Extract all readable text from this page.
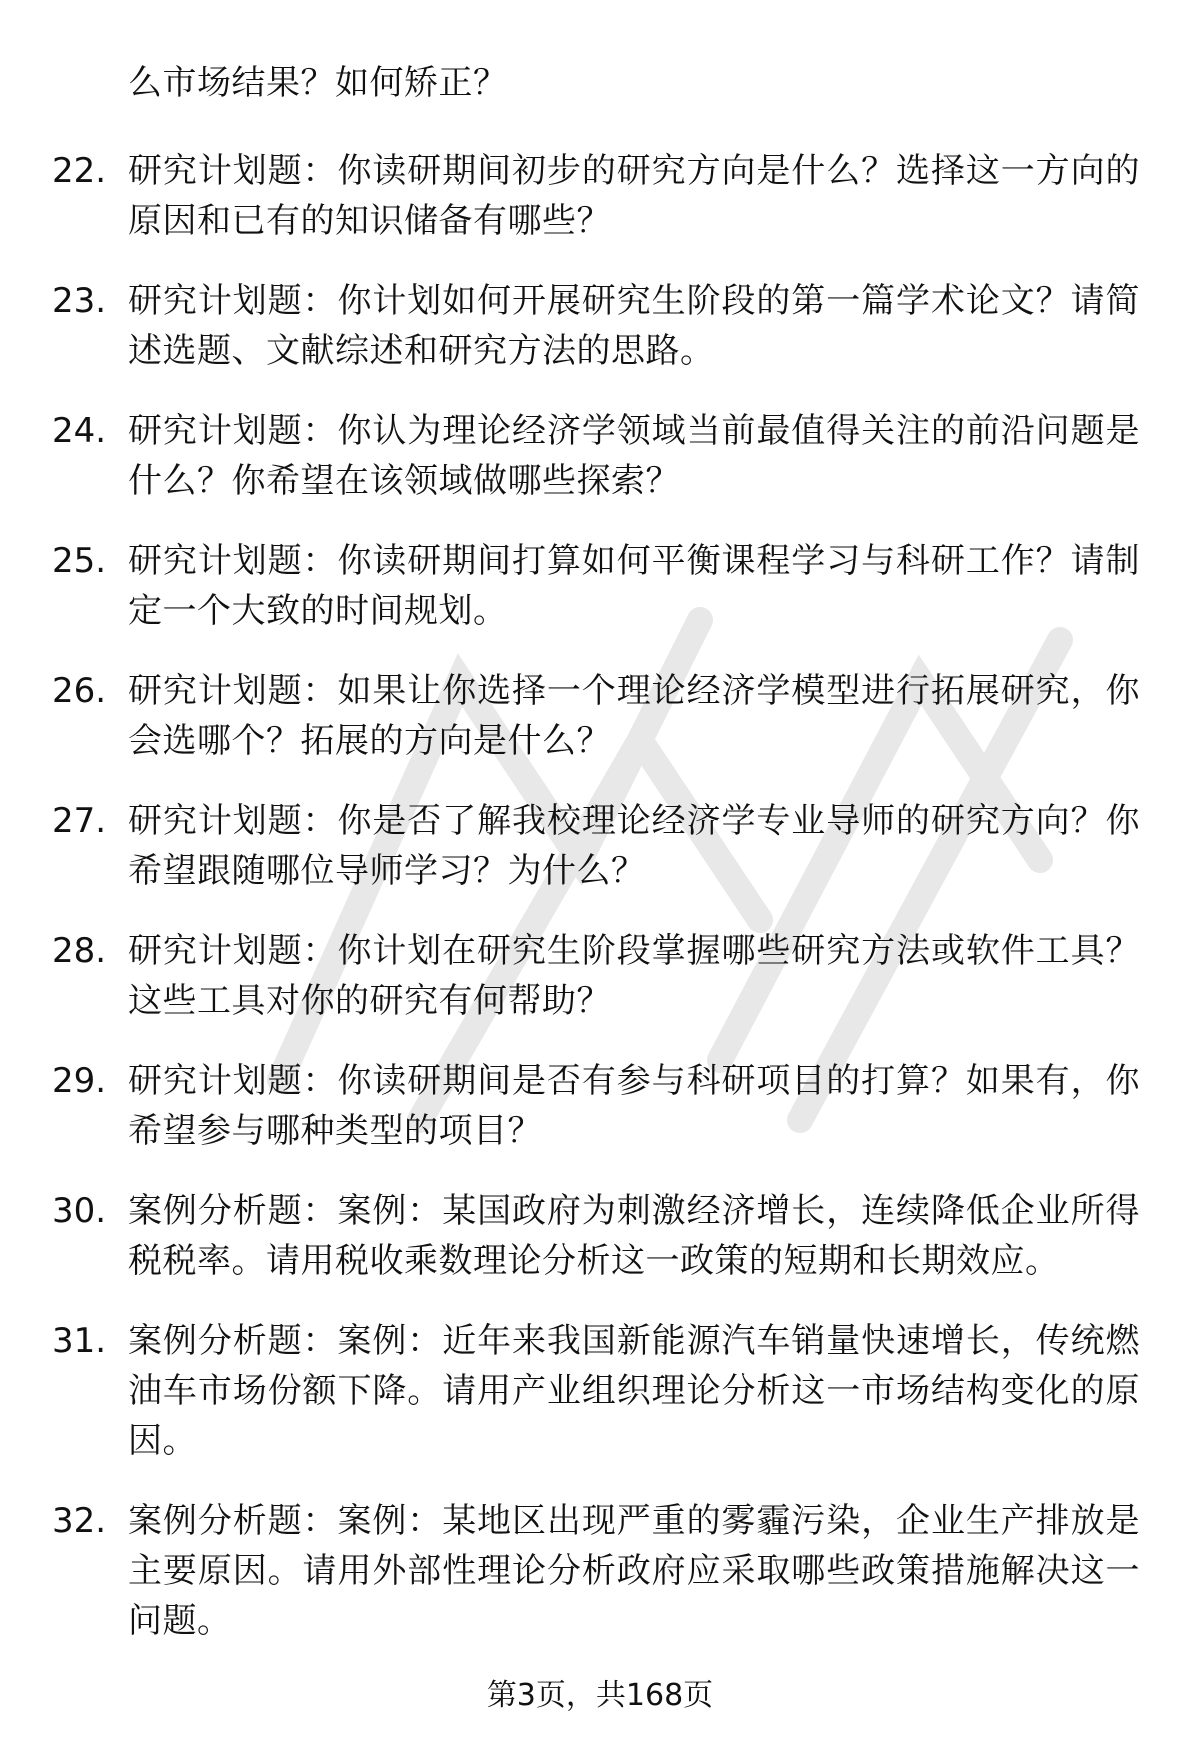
么市场结果？如何矫正？
22. 研究计划题：你读研期间初步的研究方向是什么？选择这一方向的原因和已有的知识储备有哪些？
23. 研究计划题：你计划如何开展研究生阶段的第一篇学术论文？请简述选题、文献综述和研究方法的思路。
24. 研究计划题：你认为理论经济学领域当前最值得关注的前沿问题是什么？你希望在该领域做哪些探索？
25. 研究计划题：你读研期间打算如何平衡课程学习与科研工作？请制定一个大致的时间规划。
26. 研究计划题：如果让你选择一个理论经济学模型进行拓展研究，你会选哪个？拓展的方向是什么？
27. 研究计划题：你是否了解我校理论经济学专业导师的研究方向？你希望跟随哪位导师学习？为什么？
28. 研究计划题：你计划在研究生阶段掌握哪些研究方法或软件工具？这些工具对你的研究有何帮助？
29. 研究计划题：你读研期间是否有参与科研项目的打算？如果有，你希望参与哪种类型的项目？
30. 案例分析题：案例：某国政府为刺激经济增长，连续降低企业所得税税率。请用税收乘数理论分析这一政策的短期和长期效应。
31. 案例分析题：案例：近年来我国新能源汽车销量快速增长，传统燃油车市场份额下降。请用产业组织理论分析这一市场结构变化的原因。
32. 案例分析题：案例：某地区出现严重的雾霾污染，企业生产排放是主要原因。请用外部性理论分析政府应采取哪些政策措施解决这一问题。
第3页，共168页
